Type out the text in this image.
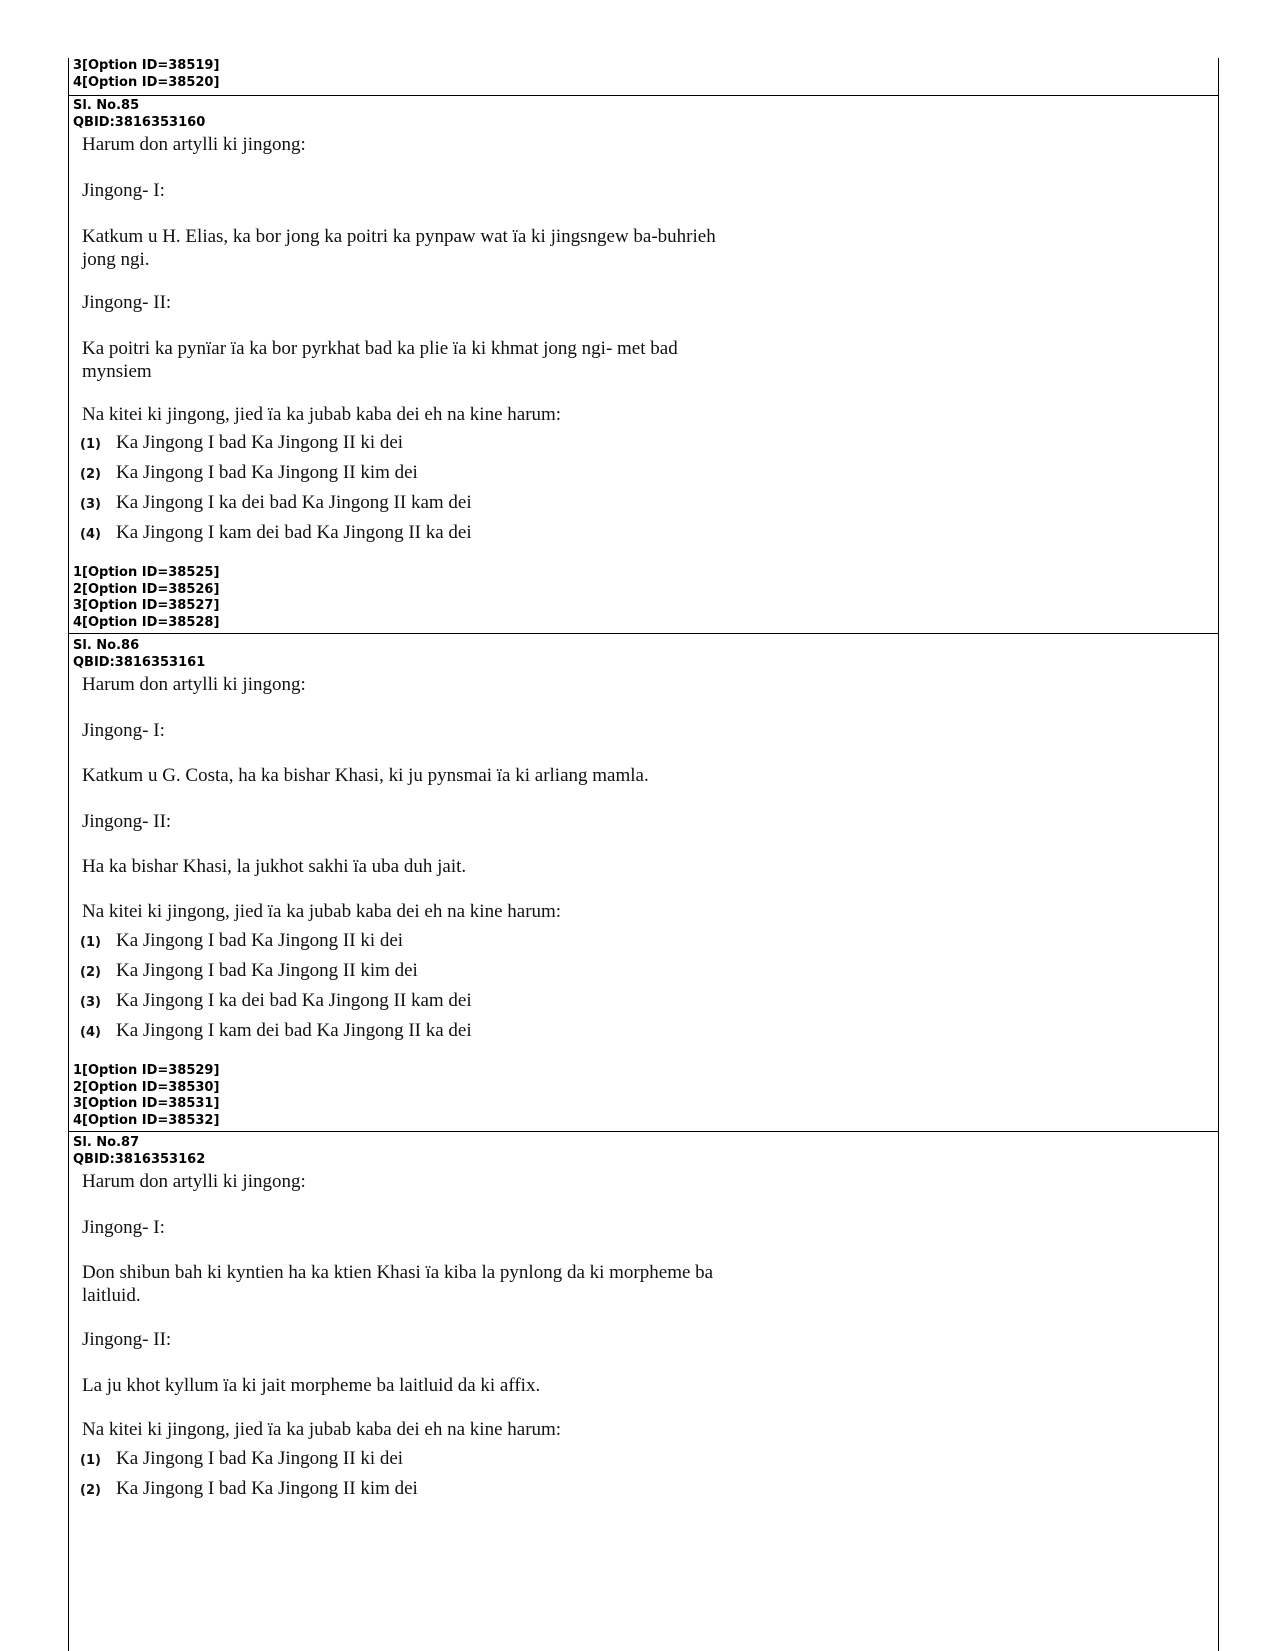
3[Option ID=38519]
4[Option ID=38520]
Sl. No.85
QBID:3816353160

Harum don artylli ki jingong:

Jingong- I:

Katkum u H. Elias, ka bor jong ka poitri ka pynpaw wat ïa ki jingsngew ba-buhrieh

jong ngi.

Jingong- II:

Ka poitri ka pynïar ïa ka bor pyrkhat bad ka plie ïa ki khmat jong ngi- met bad

mynsiem

Na kitei ki jingong, jied ïa ka jubab kaba dei eh na kine harum:

(1) Ka Jingong I bad Ka Jingong II ki dei
(2) Ka Jingong I bad Ka Jingong II kim dei
(3) Ka Jingong I ka dei bad Ka Jingong II kam dei
(4) Ka Jingong I kam dei bad Ka Jingong II ka dei
1[Option ID=38525]
2[Option ID=38526]
3[Option ID=38527]
4[Option ID=38528]
Sl. No.86
QBID:3816353161

Harum don artylli ki jingong:

Jingong- I:

Katkum u G. Costa, ha ka bishar Khasi, ki ju pynsmai ïa ki arliang mamla.

Jingong- II:

Ha ka bishar Khasi, la jukhot sakhi ïa uba duh jait.

Na kitei ki jingong, jied ïa ka jubab kaba dei eh na kine harum:

(1) Ka Jingong I bad Ka Jingong II ki dei
(2) Ka Jingong I bad Ka Jingong II kim dei
(3) Ka Jingong I ka dei bad Ka Jingong II kam dei
(4) Ka Jingong I kam dei bad Ka Jingong II ka dei
1[Option ID=38529]
2[Option ID=38530]
3[Option ID=38531]
4[Option ID=38532]
Sl. No.87
QBID:3816353162

Harum don artylli ki jingong:

Jingong- I:

Don shibun bah ki kyntien ha ka ktien Khasi ïa kiba la pynlong da ki morpheme ba

laitluid.

Jingong- II:

La ju khot kyllum ïa ki jait morpheme ba laitluid da ki affix.

Na kitei ki jingong, jied ïa ka jubab kaba dei eh na kine harum:

(1) Ka Jingong I bad Ka Jingong II ki dei
(2) Ka Jingong I bad Ka Jingong II kim dei
